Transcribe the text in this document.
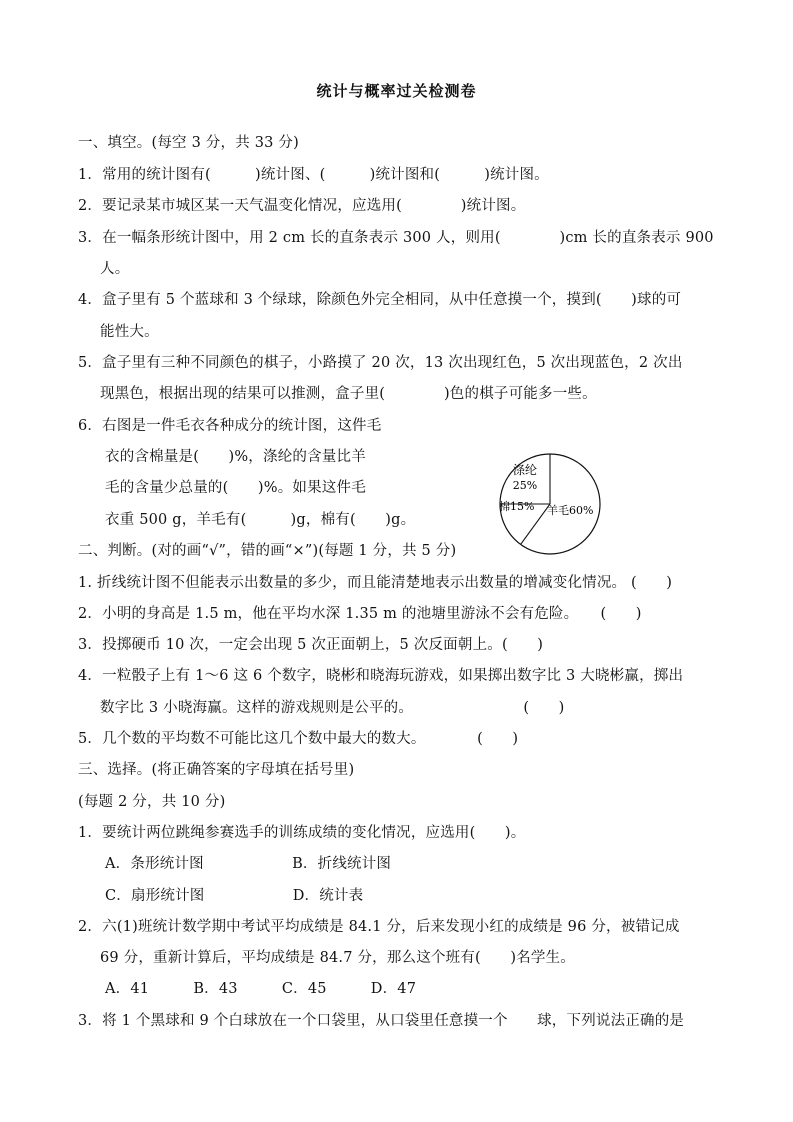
统计与概率过关检测卷
一、填空。(每空 3 分，共 33 分)
1．常用的统计图有(　　　)统计图、(　　　)统计图和(　　　)统计图。
2．要记录某市城区某一天气温变化情况，应选用(　　　　)统计图。
3．在一幅条形统计图中，用 2 cm 长的直条表示 300 人，则用(　　　　)cm 长的直条表示 900
人。
4．盒子里有 5 个蓝球和 3 个绿球，除颜色外完全相同，从中任意摸一个，摸到(　　)球的可
能性大。
5．盒子里有三种不同颜色的棋子，小路摸了 20 次，13 次出现红色，5 次出现蓝色，2 次出
现黑色，根据出现的结果可以推测，盒子里(　　　　)色的棋子可能多一些。
6．右图是一件毛衣各种成分的统计图，这件毛
衣的含棉量是(　　)%，涤纶的含量比羊
毛的含量少总量的(　　)%。如果这件毛
衣重 500 g，羊毛有(　　　)g，棉有(　　)g。
涤纶
25%
棉15% 羊毛60%
二、判断。(对的画“√”，错的画“×”)(每题 1 分，共 5 分)
1. 折线统计图不但能表示出数量的多少，而且能清楚地表示出数量的增减变化情况。 (　　)
2．小明的身高是 1.5 m，他在平均水深 1.35 m 的池塘里游泳不会有危险。　　(　　)
3．投掷硬币 10 次，一定会出现 5 次正面朝上，5 次反面朝上。(　　)
4．一粒骰子上有 1～6 这 6 个数字，晓彬和晓海玩游戏，如果掷出数字比 3 大晓彬赢，掷出
数字比 3 小晓海赢。这样的游戏规则是公平的。　　　　　　　　(　　)
5．几个数的平均数不可能比这几个数中最大的数大。　　　　(　　)
三、选择。(将正确答案的字母填在括号里)
(每题 2 分，共 10 分)
1．要统计两位跳绳参赛选手的训练成绩的变化情况，应选用(　　)。
A．条形统计图　　　　　　B．折线统计图
C．扇形统计图　　　　　　D．统计表
2．六(1)班统计数学期中考试平均成绩是 84.1 分，后来发现小红的成绩是 96 分，被错记成
69 分，重新计算后，平均成绩是 84.7 分，那么这个班有(　　)名学生。
A．41　　　B．43　　　C．45　　　D．47
3．将 1 个黑球和 9 个白球放在一个口袋里，从口袋里任意摸一个　　球，下列说法正确的是
